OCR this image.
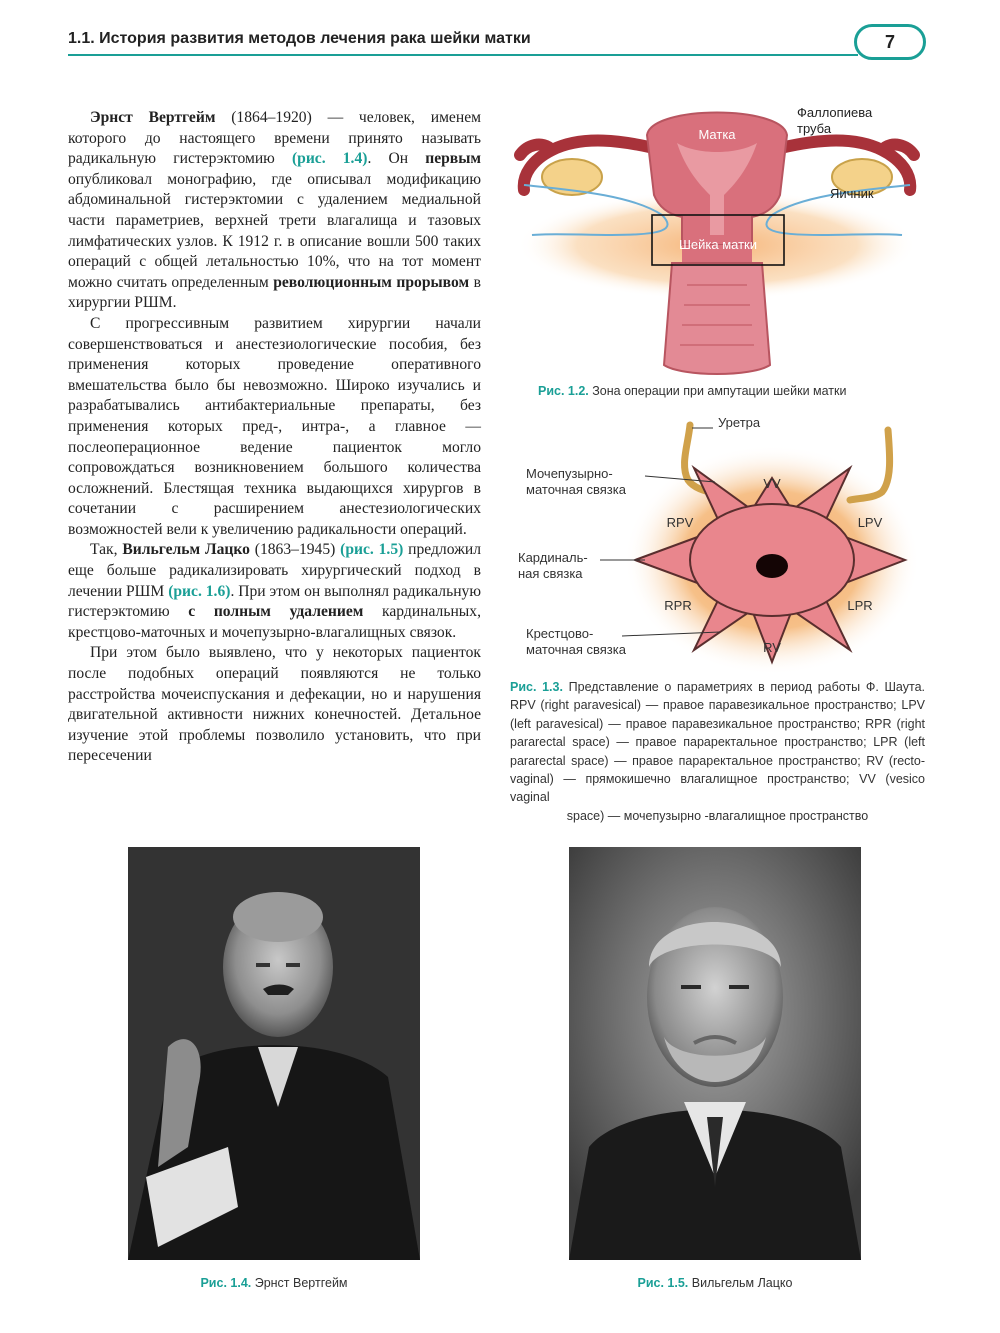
1.1. История развития методов лечения рака шейки матки	7

Эрнст Вертгейм (1864–1920) — человек, именем которого до настоящего времени принято называть радикальную гистерэктомию (рис. 1.4). Он первым опубликовал монографию, где описывал модификацию абдоминальной гистерэктомии с удалением медиальной части параметриев, верхней трети влагалища и тазовых лимфатических узлов. К 1912 г. в описание вошли 500 таких операций с общей летальностью 10%, что на тот момент можно считать определенным революционным прорывом в хирургии РШМ.

С прогрессивным развитием хирургии начали совершенствоваться и анестезиологические пособия, без применения которых проведение оперативного вмешательства было бы невозможно. Широко изучались и разрабатывались антибактериальные препараты, без применения которых пред-, интра-, а главное — послеоперационное ведение пациенток могло сопровождаться возникновением большого количества осложнений. Блестящая техника выдающихся хирургов в сочетании с расширением анестезиологических возможностей вели к увеличению радикальности операций.

Так, Вильгельм Лацко (1863–1945) (рис. 1.5) предложил еще больше радикализировать хирургический подход в лечении РШМ (рис. 1.6). При этом он выполнял радикальную гистерэктомию с полным удалением кардинальных, крестцово-маточных и мочепузырно-влагалищных связок.

При этом было выявлено, что у некоторых пациенток после подобных операций появляются не только расстройства мочеиспускания и дефекации, но и нарушения двигательной активности нижних конечностей. Детальное изучение этой проблемы позволило установить, что при пересечении

Матка
Шейка матки
Фаллопиева
труба
Яичник
Рис. 1.2. Зона операции при ампутации шейки матки
VV
RPV	LPV
RPR	LPR
RV
Уретра
Мочепузырно-
маточная связка
Кардиналь-
ная связка
Крестцово-
маточная связка
Рис. 1.3. Представление о параметриях в период работы Ф. Шаута. RPV (right paravesical) — правое паравезикальное пространство; LPV (left paravesical) — правое паравезикальное пространство; RPR (right pararectal space) — правое параректальное пространство; LPR (left pararectal space) — правое параректальное пространство; RV (recto-vaginal) — прямокишечно влагалищное пространство; VV (vesico vaginal
space) — мочепузырно -влагалищное пространство
Рис. 1.4. Эрнст Вертгейм	Рис. 1.5. Вильгельм Лацко
